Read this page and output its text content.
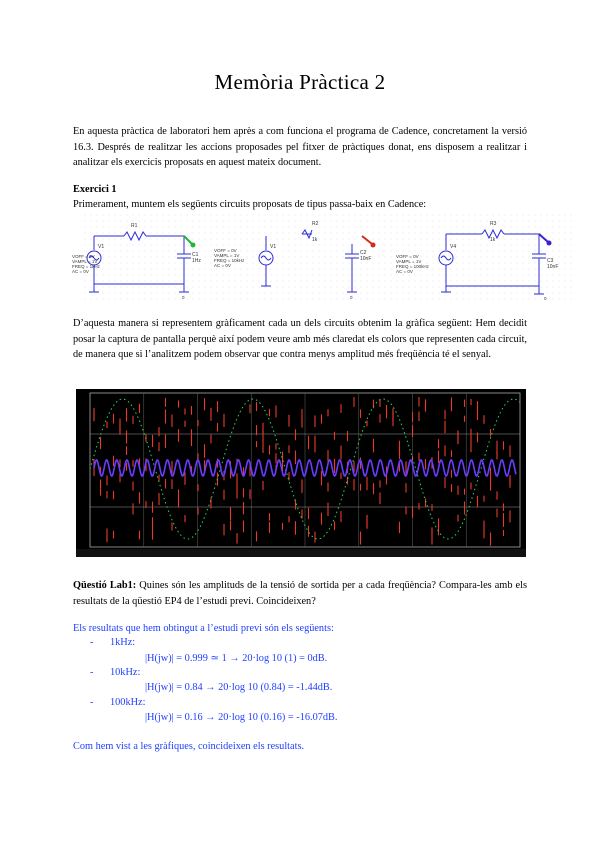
Memòria Pràctica 2
En aquesta pràctica de laboratori hem après a com funciona el programa de Cadence, concretament la versió 16.3. Després de realitzar les accions proposades pel fitxer de pràctiques donat, ens disposem a realitzar i analitzar els exercicis proposats en aquest mateix document.
Exercici 1
Primerament, muntem els següents circuits proposats de tipus passa-baix en Cadence:
R1
C1
1Hz
V1
VOFF = 0V
VAMPL = 1V
FREQ = 1kHz
AC = 0V
0
R2
1k
C2
10nF
V1
VOFF = 0V
VAMPL = 1V
FREQ = 10kHz
AC = 0V
0
R3
1k
C3
10nF
V4
VOFF = 0V
VAMPL = 1V
FREQ = 100kHz
AC = 0V
0
D’aquesta manera si representem gràficament cada un dels circuits obtenim la gràfica següent: Hem decidit posar la captura de pantalla perquè així podem veure amb més claredat els colors que representen cada circuit, de manera que si l’analitzem podem observar que contra menys amplitud més freqüència té el senyal.
Qüestió Lab1: Quines són les amplituds de la tensió de sortida per a cada freqüència? Compara-les amb els resultats de la qüestió EP4 de l’estudi previ. Coincideixen?
Els resultats que hem obtingut a l’estudi previ són els següents:
- 1kHz:
|H(jw)| = 0.999 ≃ 1 → 20·log 10 (1) = 0dB.
- 10kHz:
|H(jw)| = 0.84 → 20·log 10 (0.84) = -1.44dB.
- 100kHz:
|H(jw)| = 0.16 → 20·log 10 (0.16) = -16.07dB.
Com hem vist a les gràfiques, coincideixen els resultats.
